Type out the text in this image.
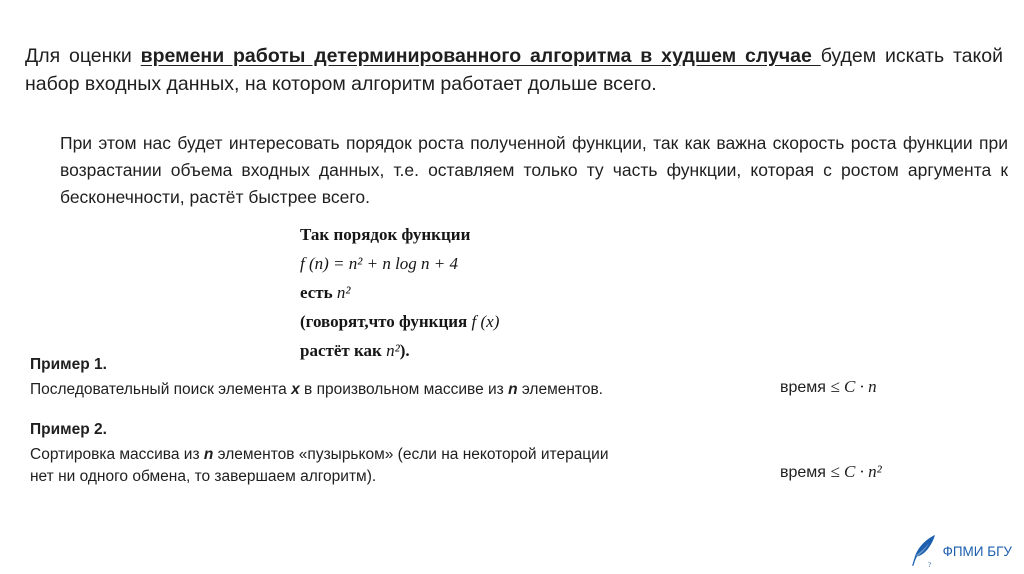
Для оценки времени работы детерминированного алгоритма в худшем случае будем искать такой набор входных данных, на котором алгоритм работает дольше всего.

При этом нас будет интересовать порядок роста полученной функции, так как важна скорость роста функции при возрастании объема входных данных, т.е. оставляем только ту часть функции, которая с ростом аргумента к бесконечности, растёт быстрее всего.

Так порядок функции
f (n) = n² + n log n + 4
есть n²
(говорят,что функция f (x)
растёт как n²).
Пример 1.
Последовательный поиск элемента x в произвольном массиве из n элементов.	время ≤ C · n
Пример 2.
Сортировка массива из n элементов «пузырьком» (если на некоторой итерации
нет ни одного обмена, то завершаем алгоритм).	время ≤ C · n²
?
ФПМИ БГУ
